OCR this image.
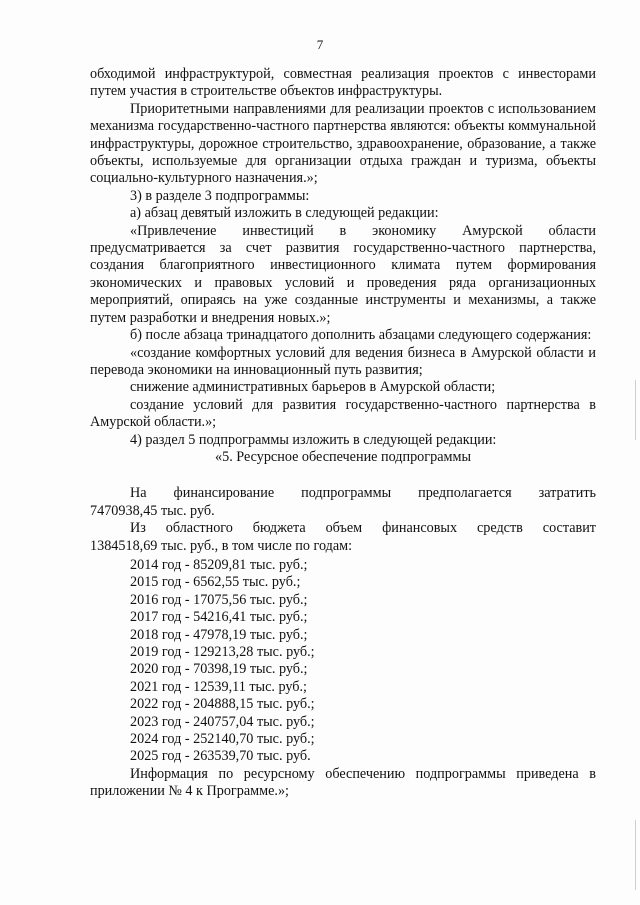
7

обходимой инфраструктурой, совместная реализация проектов с инвесторами путем участия в строительстве объектов инфраструктуры.

Приоритетными направлениями для реализации проектов с использованием механизма государственно-частного партнерства являются: объекты коммунальной инфраструктуры, дорожное строительство, здравоохранение, образование, а также объекты, используемые для организации отдыха граждан и туризма, объекты социально-культурного назначения.»;

3) в разделе 3 подпрограммы:

а) абзац девятый изложить в следующей редакции:

«Привлечение инвестиций в экономику Амурской области предусматривается за счет развития государственно-частного партнерства, создания благоприятного инвестиционного климата путем формирования экономических и правовых условий и проведения ряда организационных мероприятий, опираясь на уже созданные инструменты и механизмы, а также путем разработки и внедрения новых.»;

б) после абзаца тринадцатого дополнить абзацами следующего содержания:

«создание комфортных условий для ведения бизнеса в Амурской области и перевода экономики на инновационный путь развития;

снижение административных барьеров в Амурской области;

создание условий для развития государственно-частного партнерства в Амурской области.»;

4) раздел 5 подпрограммы изложить в следующей редакции:

«5. Ресурсное обеспечение подпрограммы

На финансирование подпрограммы предполагается затратить

7470938,45 тыс. руб.

Из областного бюджета объем финансовых средств составит

1384518,69 тыс. руб., в том числе по годам:

2014 год - 85209,81 тыс. руб.;

2015 год - 6562,55 тыс. руб.;

2016 год - 17075,56 тыс. руб.;

2017 год - 54216,41 тыс. руб.;

2018 год - 47978,19 тыс. руб.;

2019 год - 129213,28 тыс. руб.;

2020 год - 70398,19 тыс. руб.;

2021 год - 12539,11 тыс. руб.;

2022 год - 204888,15 тыс. руб.;

2023 год - 240757,04 тыс. руб.;

2024 год - 252140,70 тыс. руб.;

2025 год - 263539,70 тыс. руб.

Информация по ресурсному обеспечению подпрограммы приведена в приложении № 4 к Программе.»;
